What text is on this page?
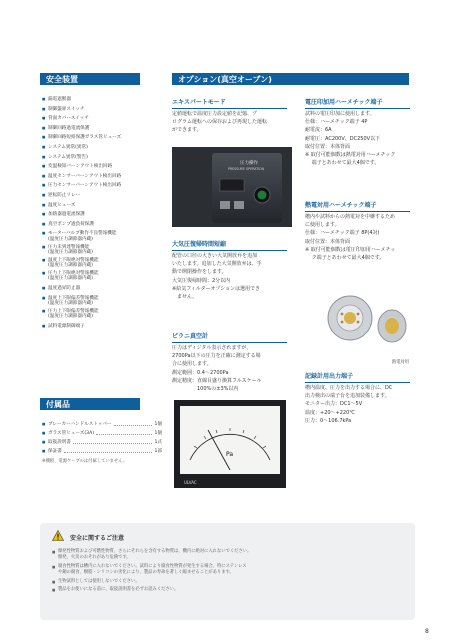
安全装置
■ 漏電遮断器
■ 制御盤扉スイッチ
■ 背面カバースイッチ
■ 制御回路過電流保護
■ 制御回路短絡保護ガラス管ヒューズ
■ システム異常(異常)
■ システム異常(警告)
■ 変温検知バーンアウト検出回路
■ 温度センサーバーンアウト検出回路
■ 圧力センサーバーンアウト検出回路
■ 逆転防止リレー
■ 温度ヒューズ
■ 加熱器過電流保護
■ 真空ポンプ過負荷保護
■ モーターバルブ動作不良警報機能
(温度圧力調節器内蔵)
■ 圧力未到達警報機能
(温度圧力調節器内蔵)
■ 温度上下限絶対警報機能
(温度圧力調節器内蔵)
■ 圧力上下限絶対警報機能
(温度圧力調節器内蔵)
■ 温度過昇防止器
■ 温度上下限偏差警報機能
(温度圧力調節器内蔵)
■ 圧力上下限偏差警報機能
(温度圧力調節器内蔵)
■ 試料電源制御端子
付属品
■ ブレーカーハンドルストッパー	1個
■ ガラス管ヒューズ(3A)	1個
■ 取扱説明書	1式
■ 保証書	1部
※棚板、電源ケーブルは付属していません。
オプション(真空オーブン)
エキスパートモード
定値運転で温度圧力設定値を記憶、プ
ログラム運転への保存および再現した運転
ができます。
圧力操作
PRESSURE OPERATION
大気圧復帰時間短縮
配管の口径の大きい大気開放弁を追加
いたします。追加した大気開放弁は、手
動で開閉操作をします。
大気圧復帰時間：2分以内
※給気フィルターオプションは選用でき
　ません。
ピラニ真空計
圧力はディジタル表示されますが、
2700Pa以下の圧力を正確に測定する場
合に使用します。
測定範囲：0.4～2700Pa
測定精度：直線目盛り換算フルスケール
　　　　　100%の±3%以内
Pa
ULVAC
電圧印加用ハーメチック端子
試料の電圧印加に使用します。
仕様：ハーメチック端子 4P
耐電流：6A
耐電圧：AC200V、DC250V以下
取付位置：本体背面
※ 取付可能個数は熱電対用ハーメチック
　 端子とあわせて最大4個です。
熱電対用ハーメチック端子
槽内や試料からの熱電対を中継するため
に使用します。
仕様：ハーメチック端子 8P(4対)
取付位置：本体背面
※ 取付可能個数は電圧印加用ハーメチッ
　 ク端子とあわせて最大4個です。
熱電対用
記録計用出力端子
槽内温度、圧力を出力する場合に、DC
出力検出の端子台を追加装備します。
モニター出力：DC1～5V
温度：+20～+220℃
圧力：0～106.7kPa
安全に関するご注意
■ 爆発性物質および可燃性物質、さらにそれらを含有する物質は、機内に絶対に入れないでください。
爆発、火災のおそれがあり危険です。
■ 腐食性物質は槽内に入れないでください。試料により腐食性物質が発生する場合、特にステンレス
や銅の腐食、樹脂・シリコンの劣化により、製品の寿命を著しく縮ませることがあります。
■ 生物試料としては使用しないでください。
■ 製品をお使いになる前に、取扱説明書を必ずお読みください。
8
